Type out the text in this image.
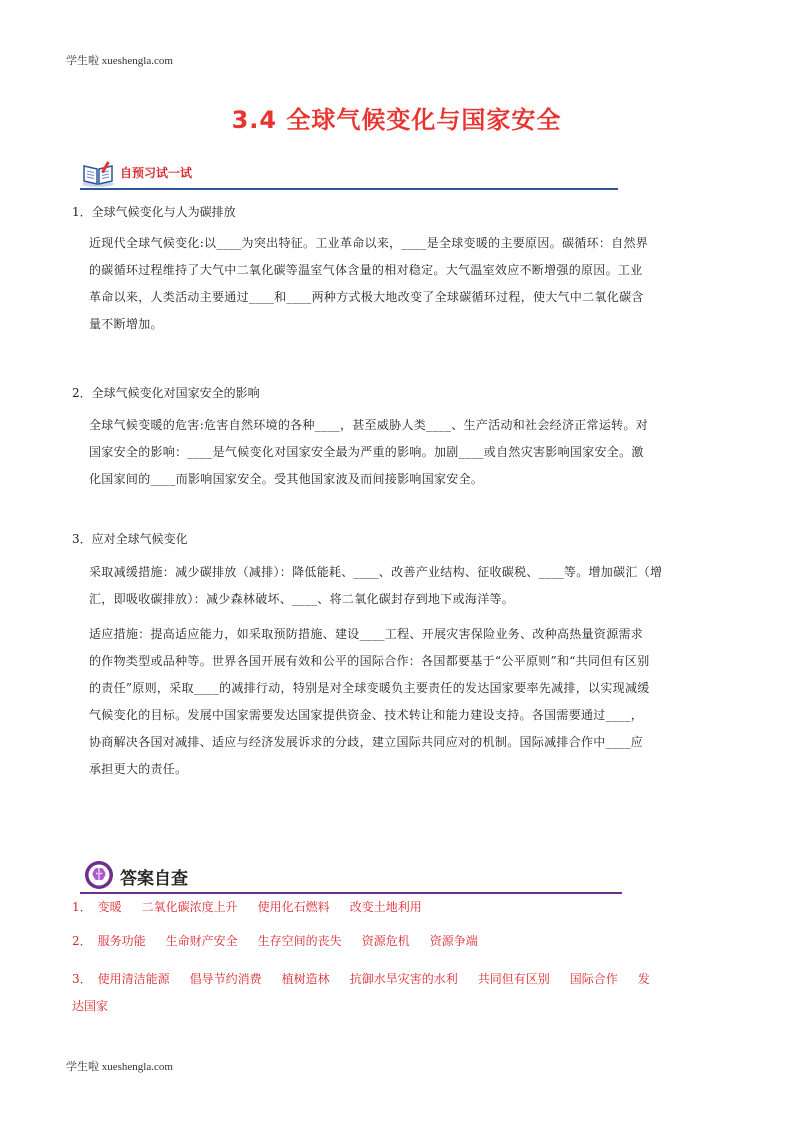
学生啦 xueshengla.com
3.4 全球气候变化与国家安全
自预习试一试
1．全球气候变化与人为碳排放
近现代全球气候变化:以____为突出特征。工业革命以来，____是全球变暖的主要原因。碳循环：自然界
的碳循环过程维持了大气中二氧化碳等温室气体含量的相对稳定。大气温室效应不断增强的原因。工业
革命以来，人类活动主要通过____和____两种方式极大地改变了全球碳循环过程，使大气中二氧化碳含
量不断增加。
2．全球气候变化对国家安全的影响
全球气候变暖的危害:危害自然环境的各种____，甚至威胁人类____、生产活动和社会经济正常运转。对
国家安全的影响：____是气候变化对国家安全最为严重的影响。加剧____或自然灾害影响国家安全。激
化国家间的____而影响国家安全。受其他国家波及而间接影响国家安全。
3．应对全球气候变化
采取减缓措施：减少碳排放（减排）：降低能耗、____、改善产业结构、征收碳税、____等。增加碳汇（增
汇，即吸收碳排放）：减少森林破坏、____、将二氧化碳封存到地下或海洋等。
适应措施：提高适应能力，如采取预防措施、建设____工程、开展灾害保险业务、改种高热量资源需求
的作物类型或品种等。世界各国开展有效和公平的国际合作：各国都要基于“公平原则”和“共同但有区别
的责任”原则，采取____的减排行动，特别是对全球变暖负主要责任的发达国家要率先减排，以实现减缓
气候变化的目标。发展中国家需要发达国家提供资金、技术转让和能力建设支持。各国需要通过____，
协商解决各国对减排、适应与经济发展诉求的分歧，建立国际共同应对的机制。国际减排合作中____应
承担更大的责任。
答案自查
1． 变暖 二氧化碳浓度上升 使用化石燃料 改变土地利用
2． 服务功能 生命财产安全 生存空间的丧失 资源危机 资源争端
3． 使用清洁能源 倡导节约消费 植树造林 抗御水旱灾害的水利 共同但有区别 国际合作 发
达国家
学生啦 xueshengla.com
